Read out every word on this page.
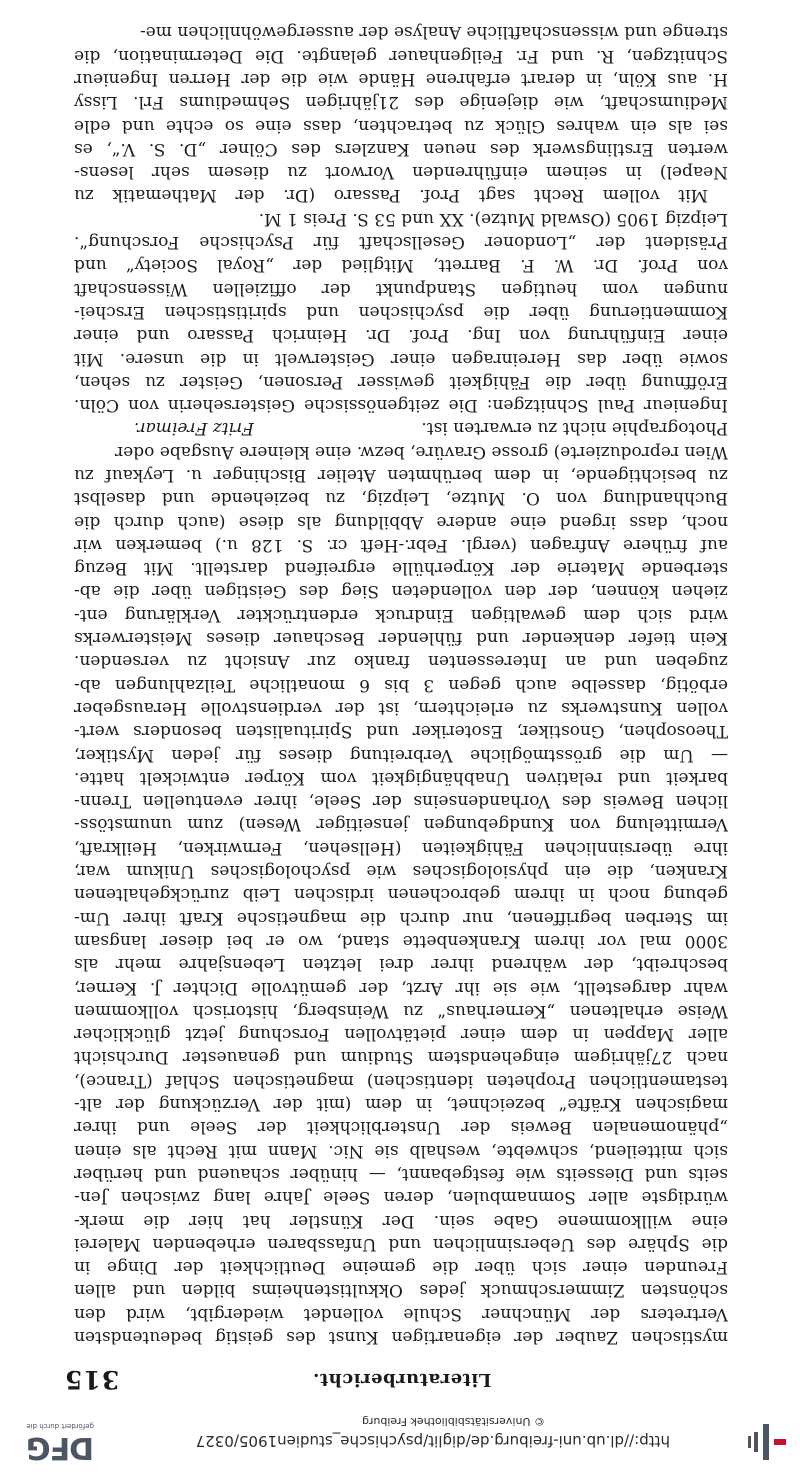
http://dl.ub.uni-freiburg.de/diglit/psychische_studien1905/0327
© Universitätsbibliothek Freiburg
DFG
gefördert durch die
Literaturbericht.
315
mystischen Zauber der eigenartigen Kunst des geistig bedeutendsten
Vertreters der Münchner Schule vollendet wiedergibt, wird den
schönsten Zimmerschmuck jedes Okkultistenheims bilden und allen
Freunden einer sich über die gemeine Deutlichkeit der Dinge in
die Sphäre des Uebersinnlichen und Unfassbaren erhebenden Malerei
eine willkommene Gabe sein. Der Künstler hat hier die merk-
würdigste aller Somnambulen, deren Seele Jahre lang zwischen Jen-
seits und Diesseits wie festgebannt, — hinüber schauend und herüber
sich mitteilend, schwebte, weshalb sie Nic. Mann mit Recht als einen
„phänomenalen Beweis der Unsterblichkeit der Seele und ihrer
magischen Kräfte“ bezeichnet, in dem (mit der Verzückung der alt-
testamentlichen Propheten identischen) magnetischen Schlaf (Trance),
nach 27jährigem eingehendstem Studium und genauester Durchsicht
aller Mappen in dem einer pietätvollen Forschung jetzt glücklicher
Weise erhaltenen „Kernerhaus“ zu Weinsberg, historisch vollkommen
wahr dargestellt, wie sie ihr Arzt, der gemütvolle Dichter J. Kerner,
beschreibt, der während ihrer drei letzten Lebensjahre mehr als
3000 mal vor ihrem Krankenbette stand, wo er bei dieser langsam
im Sterben begriffenen, nur durch die magnetische Kraft ihrer Um-
gebung noch in ihrem gebrochenen irdischen Leib zurückgehaltenen
Kranken, die ein physiologisches wie psychologisches Unikum war,
ihre übersinnlichen Fähigkeiten (Hellsehen, Fernwirken, Heilkraft,
Vermittelung von Kundgebungen jenseitiger Wesen) zum unumstöss-
lichen Beweis des Vorhandenseins der Seele, ihrer eventuellen Trenn-
barkeit und relativen Unabhängigkeit vom Körper entwickelt hatte.
— Um die grösstmögliche Verbreitung dieses für jeden Mystiker,
Theosophen, Gnostiker, Esoteriker und Spiritualisten besonders wert-
vollen Kunstwerks zu erleichtern, ist der verdienstvolle Herausgeber
erbötig, dasselbe auch gegen 3 bis 6 monatliche Teilzahlungen ab-
zugeben und an Interessenten franko zur Ansicht zu versenden.
Kein tiefer denkender und fühlender Beschauer dieses Meisterwerks
wird sich dem gewaltigen Eindruck erdentrückter Verklärung ent-
ziehen können, der den vollendeten Sieg des Geistigen über die ab-
sterbende Materie der Körperhülle ergreifend darstellt. Mit Bezug
auf frühere Anfragen (vergl. Febr.-Heft cr. S. 128 u.) bemerken wir
noch, dass irgend eine andere Abbildung als diese (auch durch die
Buchhandlung von O. Mutze, Leipzig, zu beziehende und daselbst
zu besichtigende, in dem berühmten Atelier Bischinger u. Leykauf zu
Wien reproduzierte) grosse Gravüre, bezw. eine kleinere Ausgabe oder
Photographie nicht zu erwarten ist.
Fritz Freimar.
Ingenieur Paul Schnitzgen: Die zeitgenössische Geisterseherin von Cöln.
Eröffnung über die Fähigkeit gewisser Personen, Geister zu sehen,
sowie über das Hereinragen einer Geisterwelt in die unsere. Mit
einer Einführung von Ing. Prof. Dr. Heinrich Passaro und einer
Kommentierung über die psychischen und spiritistischen Erschei-
nungen vom heutigen Standpunkt der offiziellen Wissenschaft
von Prof. Dr. W. F. Barrett, Mitglied der „Royal Society“ und
Präsident der „Londoner Gesellschaft für Psychische Forschung“.
Leipzig 1905 (Oswald Mutze). XX und 53 S. Preis 1 M.
Mit vollem Recht sagt Prof. Passaro (Dr. der Mathematik zu
Neapel) in seinem einführenden Vorwort zu diesem sehr lesens-
werten Erstlingswerk des neuen Kanzlers des Cölner „D. S. V.“, es
sei als ein wahres Glück zu betrachten, dass eine so echte und edle
Mediumschaft, wie diejenige des 21jährigen Sehmediums Frl. Lissy
H. aus Köln, in derart erfahrene Hände wie die der Herren Ingenieur
Schnitzgen, R. und Fr. Feilgenhauer gelangte. Die Determination, die
strenge und wissenschaftliche Analyse der aussergewöhnlichen me-
